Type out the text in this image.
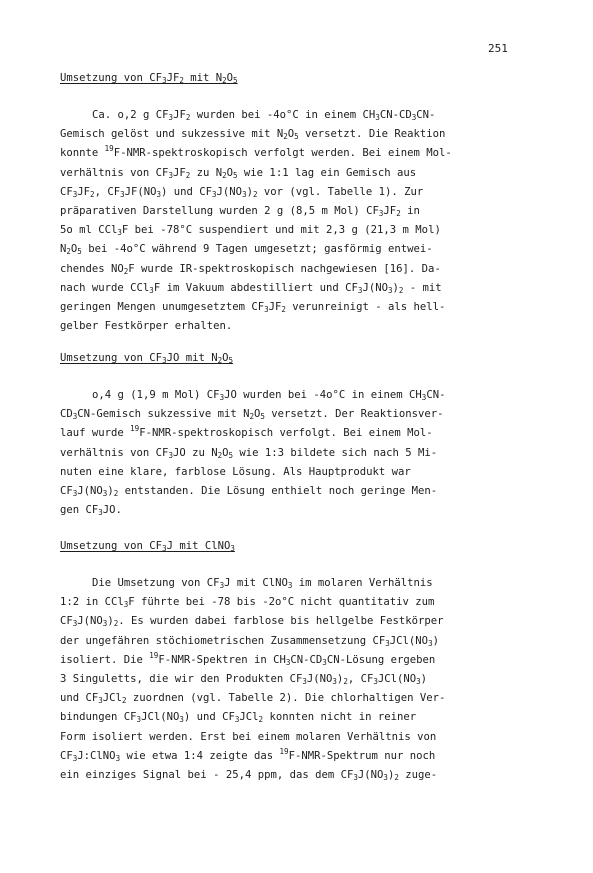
251
Umsetzung von $CF_3JF_2$ mit $N_2O_5$
Ca. o,2 g $CF_3JF_2$ wurden bei -4o°C in einem $CH_3CN-CD_3CN-$
Gemisch gelöst und sukzessive mit $N_2O_5$ versetzt. Die Reaktion
konnte $^{19}$F-NMR-spektroskopisch verfolgt werden. Bei einem Mol-
verhältnis von $CF_3JF_2$ zu $N_2O_5$ wie 1:1 lag ein Gemisch aus
$CF_3JF_2$, $CF_3JF(NO_3)$ und $CF_3J(NO_3)_2$ vor (vgl. Tabelle 1). Zur
präparativen Darstellung wurden 2 g (8,5 m Mol) $CF_3JF_2$ in
5o ml CCl$_3$F bei -78°C suspendiert und mit 2,3 g (21,3 m Mol)
$N_2O_5$ bei -4o°C während 9 Tagen umgesetzt; gasförmig entwei-
chendes $NO_2F$ wurde IR-spektroskopisch nachgewiesen [16]. Da-
nach wurde CCl$_3$F im Vakuum abdestilliert und $CF_3J(NO_3)_2$ - mit
geringen Mengen unumgesetztem $CF_3JF_2$ verunreinigt - als hell-
gelber Festkörper erhalten.
Umsetzung von $CF_3JO$ mit $N_2O_5$
o,4 g (1,9 m Mol) $CF_3JO$ wurden bei -4o°C in einem $CH_3CN-$
$CD_3CN$-Gemisch sukzessive mit $N_2O_5$ versetzt. Der Reaktionsver-
lauf wurde $^{19}$F-NMR-spektroskopisch verfolgt. Bei einem Mol-
verhältnis von $CF_3JO$ zu $N_2O_5$ wie 1:3 bildete sich nach 5 Mi-
nuten eine klare, farblose Lösung. Als Hauptprodukt war
$CF_3J(NO_3)_2$ entstanden. Die Lösung enthielt noch geringe Men-
gen $CF_3JO$.
Umsetzung von $CF_3J$ mit ClNO$_3$
Die Umsetzung von $CF_3J$ mit ClNO$_3$ im molaren Verhältnis
1:2 in CCl$_3$F führte bei -78 bis -2o°C nicht quantitativ zum
$CF_3J(NO_3)_2$. Es wurden dabei farblose bis hellgelbe Festkörper
der ungefähren stöchiometrischen Zusammensetzung $CF_3JCl(NO_3)$
isoliert. Die $^{19}$F-NMR-Spektren in $CH_3CN-CD_3CN$-Lösung ergeben
3 Singuletts, die wir den Produkten $CF_3J(NO_3)_2$, $CF_3JCl(NO_3)$
und $CF_3JCl_2$ zuordnen (vgl. Tabelle 2). Die chlorhaltigen Ver-
bindungen $CF_3JCl(NO_3)$ und $CF_3JCl_2$ konnten nicht in reiner
Form isoliert werden. Erst bei einem molaren Verhältnis von
$CF_3J:ClNO_3$ wie etwa 1:4 zeigte das $^{19}$F-NMR-Spektrum nur noch
ein einziges Signal bei - 25,4 ppm, das dem $CF_3J(NO_3)_2$ zuge-
